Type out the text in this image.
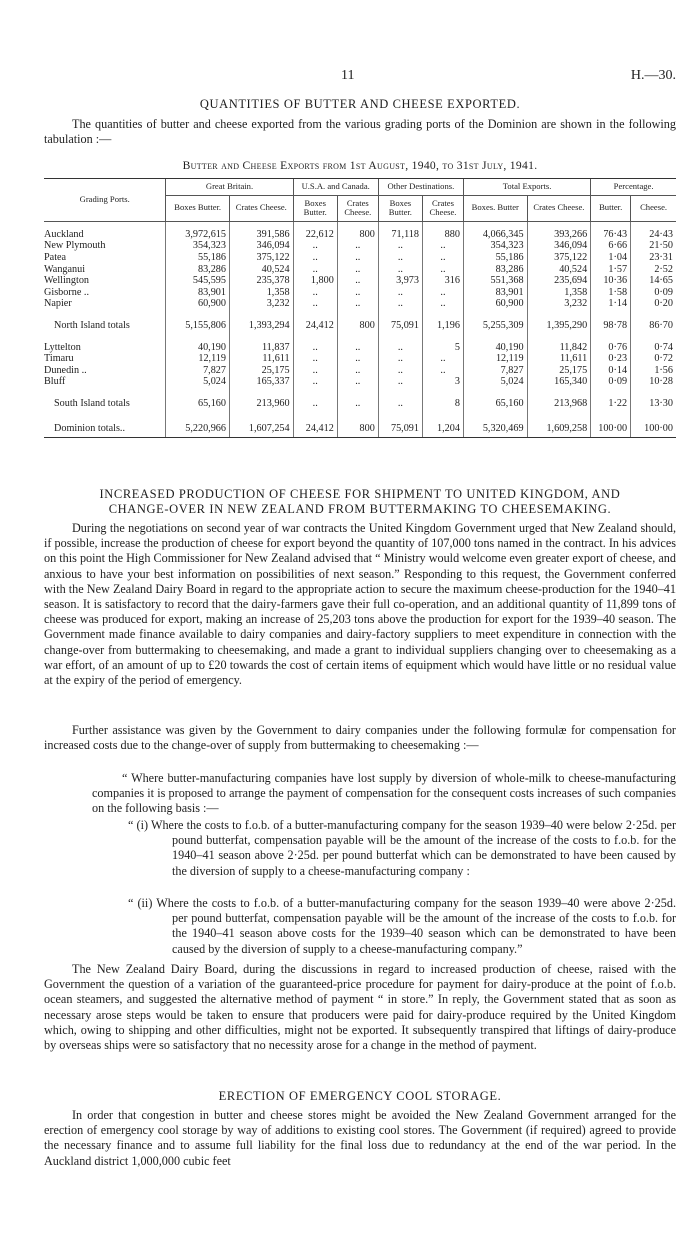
11	H.—30.
QUANTITIES OF BUTTER AND CHEESE EXPORTED.

The quantities of butter and cheese exported from the various grading ports of the Dominion are shown in the following tabulation :—

Butter and Cheese Exports from 1st August, 1940, to 31st July, 1941.
Grading Ports.	Great Britain.		U.S.A. and Canada.		Other Destinations.		Total Exports.		Percentage.	
	Boxes Butter.	Crates Cheese.	Boxes Butter.	Crates Cheese.	Boxes Butter.	Crates Cheese.	Boxes. Butter	Crates Cheese.	Butter.	Cheese.

Auckland	3,972,615	391,586	22,612	800	71,118	880	4,066,345	393,266	76·43	24·43
New Plymouth	354,323	346,094	..	..	..	..	354,323	346,094	6·66	21·50
Patea	55,186	375,122	..	..	..	..	55,186	375,122	1·04	23·31
Wanganui	83,286	40,524	..	..	..	..	83,286	40,524	1·57	2·52
Wellington	545,595	235,378	1,800	..	3,973	316	551,368	235,694	10·36	14·65
Gisborne ..	83,901	1,358	..	..	..	..	83,901	1,358	1·58	0·09
Napier	60,900	3,232	..	..	..	..	60,900	3,232	1·14	0·20

North Island totals	5,155,806	1,393,294	24,412	800	75,091	1,196	5,255,309	1,395,290	98·78	86·70

Lyttelton	40,190	11,837	..	..	..	5	40,190	11,842	0·76	0·74
Timaru	12,119	11,611	..	..	..	..	12,119	11,611	0·23	0·72
Dunedin ..	7,827	25,175	..	..	..	..	7,827	25,175	0·14	1·56
Bluff	5,024	165,337	..	..	..	3	5,024	165,340	0·09	10·28

South Island totals	65,160	213,960	..	..	..	8	65,160	213,968	1·22	13·30

Dominion totals..	5,220,966	1,607,254	24,412	800	75,091	1,204	5,320,469	1,609,258	100·00	100·00
INCREASED PRODUCTION OF CHEESE FOR SHIPMENT TO UNITED KINGDOM, AND
CHANGE-OVER IN NEW ZEALAND FROM BUTTERMAKING TO CHEESEMAKING.

During the negotiations on second year of war contracts the United Kingdom Government urged that New Zealand should, if possible, increase the production of cheese for export beyond the quantity of 107,000 tons named in the contract. In his advices on this point the High Commissioner for New Zealand advised that “ Ministry would welcome even greater export of cheese, and anxious to have your best information on possibilities of next season.” Responding to this request, the Government conferred with the New Zealand Dairy Board in regard to the appropriate action to secure the maximum cheese-production for the 1940–41 season. It is satisfactory to record that the dairy-farmers gave their full co-operation, and an additional quantity of 11,899 tons of cheese was produced for export, making an increase of 25,203 tons above the production for export for the 1939–40 season. The Government made finance available to dairy companies and dairy-factory suppliers to meet expenditure in connection with the change-over from buttermaking to cheesemaking, and made a grant to individual suppliers changing over to cheesemaking as a war effort, of an amount of up to £20 towards the cost of certain items of equipment which would have little or no residual value at the expiry of the period of emergency.

Further assistance was given by the Government to dairy companies under the following formulæ for compensation for increased costs due to the change-over of supply from buttermaking to cheesemaking :—

“ Where butter-manufacturing companies have lost supply by diversion of whole-milk to cheese-manufacturing companies it is proposed to arrange the payment of compensation for the consequent costs increases of such companies on the following basis :—

“ (i) Where the costs to f.o.b. of a butter-manufacturing company for the season 1939–40 were below 2·25d. per pound butterfat, compensation payable will be the amount of the increase of the costs to f.o.b. for the 1940–41 season above 2·25d. per pound butterfat which can be demonstrated to have been caused by the diversion of supply to a cheese-manufacturing company :

“ (ii) Where the costs to f.o.b. of a butter-manufacturing company for the season 1939–40 were above 2·25d. per pound butterfat, compensation payable will be the amount of the increase of the costs to f.o.b. for the 1940–41 season above costs for the 1939–40 season which can be demonstrated to have been caused by the diversion of supply to a cheese-manufacturing company.”

The New Zealand Dairy Board, during the discussions in regard to increased production of cheese, raised with the Government the question of a variation of the guaranteed-price procedure for payment for dairy-produce at the point of f.o.b. ocean steamers, and suggested the alternative method of payment “ in store.” In reply, the Government stated that as soon as necessary arose steps would be taken to ensure that producers were paid for dairy-produce required by the United Kingdom which, owing to shipping and other difficulties, might not be exported. It subsequently transpired that liftings of dairy-produce by overseas ships were so satisfactory that no necessity arose for a change in the method of payment.

ERECTION OF EMERGENCY COOL STORAGE.

In order that congestion in butter and cheese stores might be avoided the New Zealand Government arranged for the erection of emergency cool storage by way of additions to existing cool stores. The Government (if required) agreed to provide the necessary finance and to assume full liability for the final loss due to redundancy at the end of the war period. In the Auckland district 1,000,000 cubic feet
